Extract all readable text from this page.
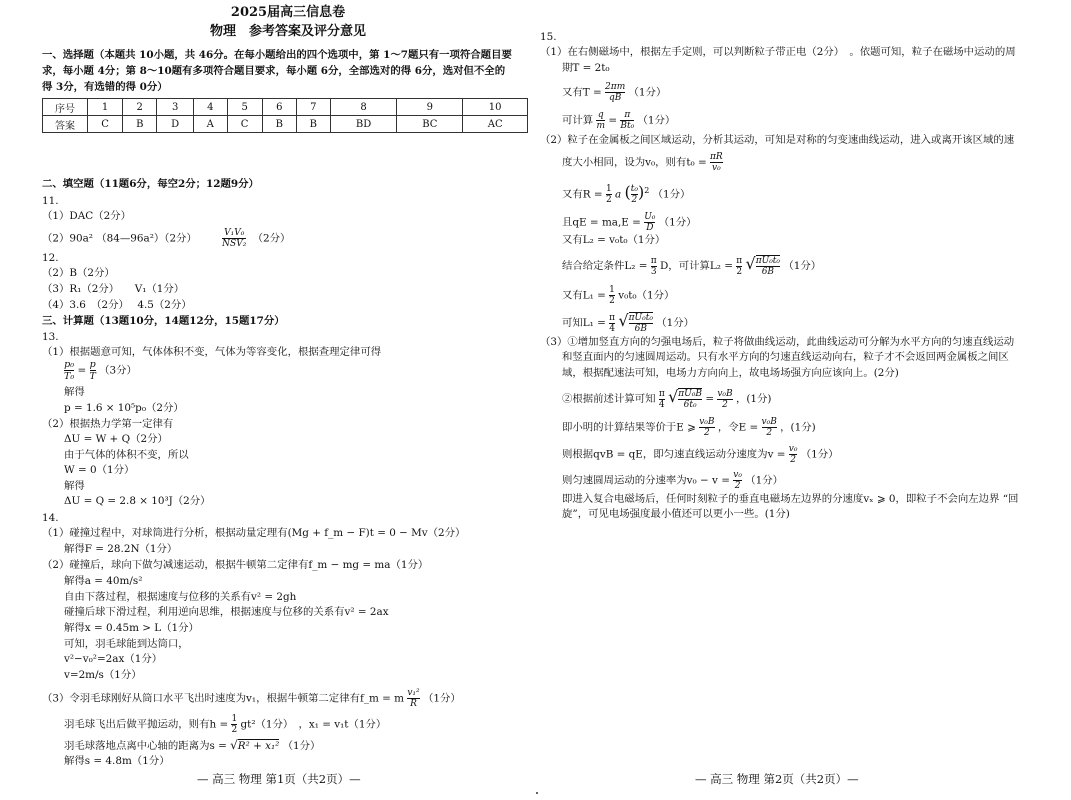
2025届高三信息卷
物理　参考答案及评分意见
一、选择题（本题共 10小题，共 46分。在每小题给出的四个选项中，第 1～7题只有一项符合题目要
求，每小题 4分；第 8～10题有多项符合题目要求，每小题 6分，全部选对的得 6分，选对但不全的
得 3分，有选错的得 0分）
序号	1	2	3	4	5	6	7	8	9	10
答案	C	B	D	A	C	B	B	BD	BC	AC
二、填空题（11题6分，每空2分；12题9分）
11.
（1）DAC（2分）
（2）90a² （84—96a²）（2分）	V₁V₀
NSV₂ （2分）
12.
（2）B（2分）
（3）R₁（2分）　　V₁（1分）
（4）3.6　（2分）　 4.5（2分）
三、计算题（13题10分，14题12分，15题17分）
13.
（1）根据题意可知，气体体积不变，气体为等容变化，根据查理定律可得
$\frac{\text{p₀}}{\text{T₀}} = \frac{p}{T} (3$分）
解得
p = 1.6 × 10⁵p₀（2分）
（2）根据热力学第一定律有
ΔU = W + Q（2分）
由于气体的体积不变，所以
W = 0（1分）
解得
ΔU = Q = 2.8 × 10³J（2分）
14.
（1）碰撞过程中，对球筒进行分析，根据动量定理有(Mg + f_m − F)t = 0 − Mv（2分）
解得F = 28.2N（1分）
（2）碰撞后，球向下做匀减速运动，根据牛顿第二定律有f_m − mg = ma（1分）
解得a = 40m/s²
自由下落过程，根据速度与位移的关系有v² = 2gh
碰撞后球下滑过程，利用逆向思维，根据速度与位移的关系有v² = 2ax
解得x = 0.45m > L（1分）
可知，羽毛球能到达筒口，
v²−v₀²=2ax（1分）
v=2m/s（1分）
（3）令羽毛球刚好从筒口水平飞出时速度为v₁，根据牛顿第二定律有f_m = m $\frac{\text{v₁²}}{R} (1$分）
羽毛球飞出后做平抛运动，则有$h = \frac{1}{2} gt^2(1$分）　，x₁ = v₁t（1分）
羽毛球落地点离中心轴的距离为s = √R² + x₁² （1分）
解得s = 4.8m（1分）
— 高三 物理 第1页（共2页）—
15.
（1）在右侧磁场中，根据左手定则，可以判断粒子带正电（2分）　。依题可知，粒子在磁场中运动的周
期T = 2t₀
又有$T = \frac{2\pi m}{qB} (1$分）
可计算 $\frac{q}{m} = \frac{\pi}{\text{Bt₀}} (1$分）
（2）粒子在金属板之间区域运动，分析其运动，可知是对称的匀变速曲线运动，进入或离开该区域的速
度大小相同，设为v₀，则有$t_0 = \frac{\pi R}{\text{v₀}}$
又有$R = \frac{1}{2}$ a ( $\frac{\text{t₀}}{2} )^2$ （1分）
且qE = $ma,E = \frac{\text{U₀}}{D} (1$分）
又有L₂ = v₀t₀（1分）
结合给定条件$L_2 = \frac{\pi}{3}$ D，可计算$L_2 = \frac{\pi}{2}$ √ $\frac{\text{πU₀t₀}}{6B} (1$分）
又有$L_1 = \frac{1}{2} v_0t_0(1$分）
可知$L_1 = \frac{\pi}{4}$ √ $\frac{\text{πU₀t₀}}{6B} (1$分）
（3）①增加竖直方向的匀强电场后，粒子将做曲线运动，此曲线运动可分解为水平方向的匀速直线运动
和竖直面内的匀速圆周运动。只有水平方向的匀速直线运动向右，粒子才不会返回两金属板之间区
域，根据配速法可知，电场力方向向上，故电场场强方向应该向上。(2分)
②根据前述计算可知 $\frac{\pi}{4}$ √ $\frac{\text{πU₀B}}{\text{6t₀}} = \frac{\text{v₀B}}{2}$ ，(1分)
即小明的计算结果等价于E ⩾ $\frac{\text{v₀B}}{2}$ ，令$E = \frac{\text{v₀B}}{2}$ ，(1分)
则根据qvB = qE，即匀速直线运动分速度为$v = \frac{\text{v₀}}{2} (1$分）
则匀速圆周运动的分速率为$v_0 - v = \frac{\text{v₀}}{2} (1$分）
即进入复合电磁场后，任何时刻粒子的垂直电磁场左边界的分速度vₓ ⩾ 0，即粒子不会向左边界 “回
旋”，可见电场强度最小值还可以更小一些。(1分)
— 高三 物理 第2页（共2页）—
